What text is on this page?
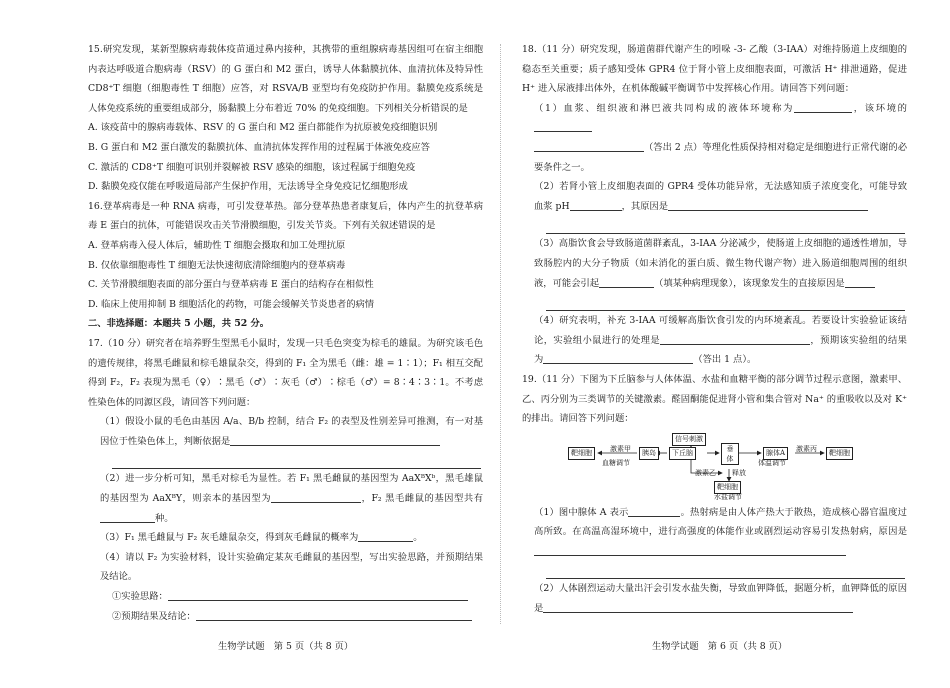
15.研究发现，某新型腺病毒载体疫苗通过鼻内接种，其携带的重组腺病毒基因组可在宿主细胞内表达呼吸道合胞病毒（RSV）的 G 蛋白和 M2 蛋白，诱导人体黏膜抗体、血清抗体及特异性 CD8⁺T 细胞（细胞毒性 T 细胞）应答，对 RSVA/B 亚型均有免疫防护作用。黏膜免疫系统是人体免疫系统的重要组成部分，肠黏膜上分布着近 70% 的免疫细胞。下列相关分析错误的是

A. 该疫苗中的腺病毒载体、RSV 的 G 蛋白和 M2 蛋白都能作为抗原被免疫细胞识别

B. G 蛋白和 M2 蛋白激发的黏膜抗体、血清抗体发挥作用的过程属于体液免疫应答

C. 激活的 CD8⁺T 细胞可识别并裂解被 RSV 感染的细胞，该过程属于细胞免疫

D. 黏膜免疫仅能在呼吸道局部产生保护作用，无法诱导全身免疫记忆细胞形成

16.登革病毒是一种 RNA 病毒，可引发登革热。部分登革热患者康复后，体内产生的抗登革病毒 E 蛋白的抗体，可能错误攻击关节滑膜细胞，引发关节炎。下列有关叙述错误的是

A. 登革病毒入侵人体后，辅助性 T 细胞会摄取和加工处理抗原

B. 仅依靠细胞毒性 T 细胞无法快速彻底清除细胞内的登革病毒

C. 关节滑膜细胞表面的部分蛋白与登革病毒 E 蛋白的结构存在相似性

D. 临床上使用抑制 B 细胞活化的药物，可能会缓解关节炎患者的病情

二、非选择题：本题共 5 小题，共 52 分。

17.（10 分）研究者在培养野生型黑毛小鼠时，发现一只毛色突变为棕毛的雄鼠。为研究该毛色的遗传规律，将黑毛雌鼠和棕毛雄鼠杂交，得到的 F₁ 全为黑毛（雌：雄 = 1∶1）；F₁ 相互交配得到 F₂，F₂ 表现为黑毛（♀）∶黑毛（♂）∶灰毛（♂）∶棕毛（♂）= 8∶4∶3∶1。不考虑性染色体的同源区段，请回答下列问题：

（1）假设小鼠的毛色由基因 A/a、B/b 控制，结合 F₂ 的表型及性别差异可推测，有一对基因位于性染色体上，判断依据是

（2）进一步分析可知，黑毛对棕毛为显性。若 F₁ 黑毛雌鼠的基因型为 AaXᴮXᵇ，黑毛雄鼠的基因型为 AaXᴮY，则亲本的基因型为	，F₂ 黑毛雌鼠的基因型共有种。

（3）F₁ 黑毛雌鼠与 F₂ 灰毛雄鼠杂交，得到灰毛雌鼠的概率为	。

（4）请以 F₂ 为实验材料，设计实验确定某灰毛雌鼠的基因型，写出实验思路，并预期结果及结论。

①实验思路：

②预期结果及结论：

生物学试题　第 5 页（共 8 页）

18.（11 分）研究发现，肠道菌群代谢产生的吲哚 -3- 乙酸（3-IAA）对维持肠道上皮细胞的稳态至关重要；质子感知受体 GPR4 位于肾小管上皮细胞表面，可激活 H⁺ 排泄通路，促进 H⁺ 进入尿液排出体外，在机体酸碱平衡调节中发挥核心作用。请回答下列问题：

（1）血浆、组织液和淋巴液共同构成的液体环境称为	，该环境的
（答出 2 点）等理化性质保持相对稳定是细胞进行正常代谢的必要条件之一。

（2）若肾小管上皮细胞表面的 GPR4 受体功能异常，无法感知质子浓度变化，可能导致血浆 pH	，其原因是

（3）高脂饮食会导致肠道菌群紊乱，3-IAA 分泌减少，使肠道上皮细胞的通透性增加，导致肠腔内的大分子物质（如未消化的蛋白质、微生物代谢产物）进入肠道细胞周围的组织液，可能会引起	（填某种病理现象），该现象发生的直接原因是

（4）研究表明，补充 3-IAA 可缓解高脂饮食引发的内环境紊乱。若要设计实验验证该结论，实验组小鼠进行的处理是	，预期该实验组的结果为	（答出 1 点）。

19.（11 分）下图为下丘脑参与人体体温、水盐和血糖平衡的部分调节过程示意图，激素甲、乙、丙分别为三类调节的关键激素。醛固酮能促进肾小管和集合管对 Na⁺ 的重吸收以及对 K⁺ 的排出。请回答下列问题：

靶细胞	激素甲
血糖调节
胰岛
信号刺激
下丘脑	垂体
激素乙
腺体A
体温调节
激素丙	靶细胞
释放
靶细胞
水盐调节

（1）图中腺体 A 表示	。热射病是由人体产热大于散热，造成核心器官温度过高所致。在高温高湿环境中，进行高强度的体能作业或剧烈运动容易引发热射病，原因是

（2）人体剧烈运动大量出汗会引发水盐失衡，导致血钾降低，据题分析，血钾降低的原因是

生物学试题　第 6 页（共 8 页）
